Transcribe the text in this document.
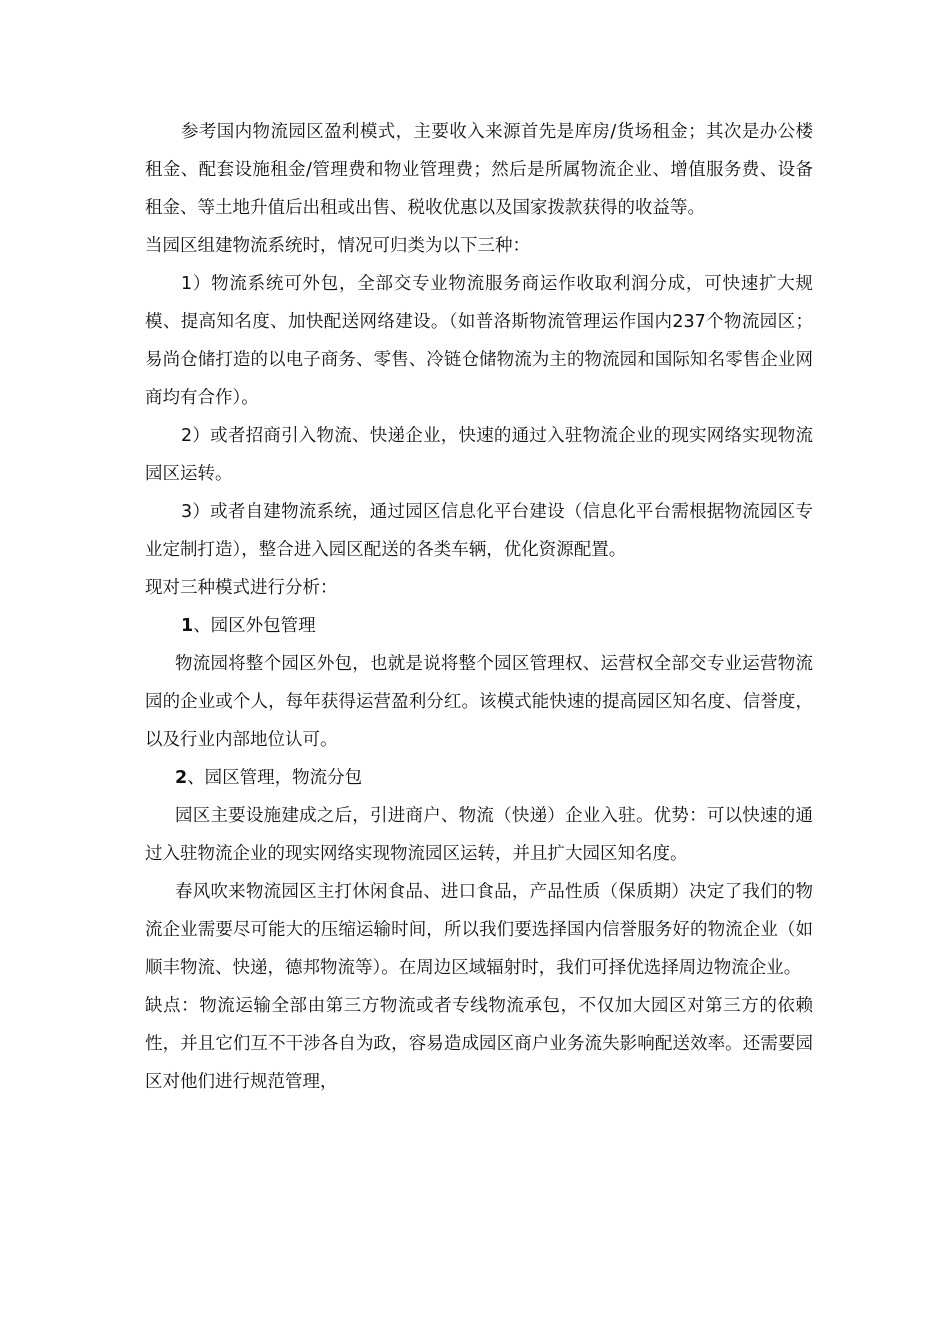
参考国内物流园区盈利模式，主要收入来源首先是库房/货场租金；其次是办公楼租金、配套设施租金/管理费和物业管理费；然后是所属物流企业、增值服务费、设备租金、等土地升值后出租或出售、税收优惠以及国家拨款获得的收益等。

当园区组建物流系统时，情况可归类为以下三种：

1）物流系统可外包，全部交专业物流服务商运作收取利润分成，可快速扩大规模、提高知名度、加快配送网络建设。（如普洛斯物流管理运作国内237个物流园区；易尚仓储打造的以电子商务、零售、冷链仓储物流为主的物流园和国际知名零售企业网商均有合作）。

2）或者招商引入物流、快递企业，快速的通过入驻物流企业的现实网络实现物流园区运转。

3）或者自建物流系统，通过园区信息化平台建设（信息化平台需根据物流园区专业定制打造），整合进入园区配送的各类车辆，优化资源配置。

现对三种模式进行分析：

1、园区外包管理

物流园将整个园区外包，也就是说将整个园区管理权、运营权全部交专业运营物流园的企业或个人，每年获得运营盈利分红。该模式能快速的提高园区知名度、信誉度，以及行业内部地位认可。

2、园区管理，物流分包

园区主要设施建成之后，引进商户、物流（快递）企业入驻。优势：可以快速的通过入驻物流企业的现实网络实现物流园区运转，并且扩大园区知名度。

春风吹来物流园区主打休闲食品、进口食品，产品性质（保质期）决定了我们的物流企业需要尽可能大的压缩运输时间，所以我们要选择国内信誉服务好的物流企业（如顺丰物流、快递，德邦物流等）。在周边区域辐射时，我们可择优选择周边物流企业。

缺点：物流运输全部由第三方物流或者专线物流承包，不仅加大园区对第三方的依赖性，并且它们互不干涉各自为政，容易造成园区商户业务流失影响配送效率。还需要园区对他们进行规范管理，
